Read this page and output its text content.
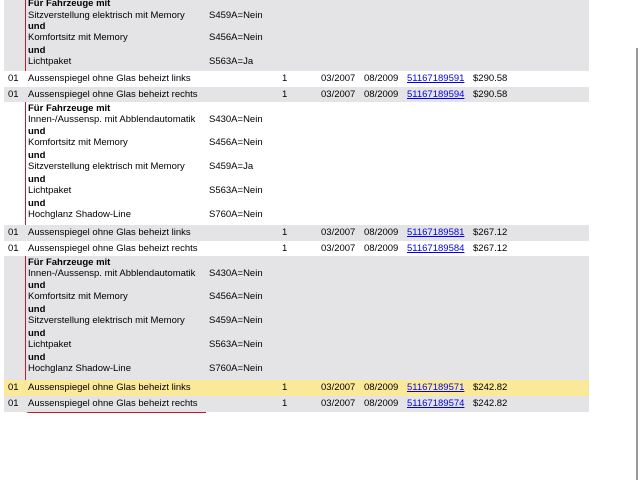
Für Fahrzeuge mit
Sitzverstellung elektrisch mit Memory	S459A=Nein
und
Komfortsitz mit Memory	S456A=Nein
und
Lichtpaket	S563A=Ja
01 Aussenspiegel ohne Glas beheizt links	1	03/2007 08/2009 51167189591 $290.58
01 Aussenspiegel ohne Glas beheizt rechts	1	03/2007 08/2009 51167189594 $290.58
Für Fahrzeuge mit
Innen-/Aussensp. mit Abblendautomatik S430A=Nein
und
Komfortsitz mit Memory	S456A=Nein
und
Sitzverstellung elektrisch mit Memory	S459A=Ja
und
Lichtpaket	S563A=Nein
und
Hochglanz Shadow-Line	S760A=Nein
01 Aussenspiegel ohne Glas beheizt links	1	03/2007 08/2009 51167189581 $267.12
01 Aussenspiegel ohne Glas beheizt rechts	1	03/2007 08/2009 51167189584 $267.12
Für Fahrzeuge mit
Innen-/Aussensp. mit Abblendautomatik S430A=Nein
und
Komfortsitz mit Memory	S456A=Nein
und
Sitzverstellung elektrisch mit Memory	S459A=Nein
und
Lichtpaket	S563A=Nein
und
Hochglanz Shadow-Line	S760A=Nein
01 Aussenspiegel ohne Glas beheizt links	1	03/2007 08/2009 51167189571 $242.82
01 Aussenspiegel ohne Glas beheizt rechts	1	03/2007 08/2009 51167189574 $242.82
